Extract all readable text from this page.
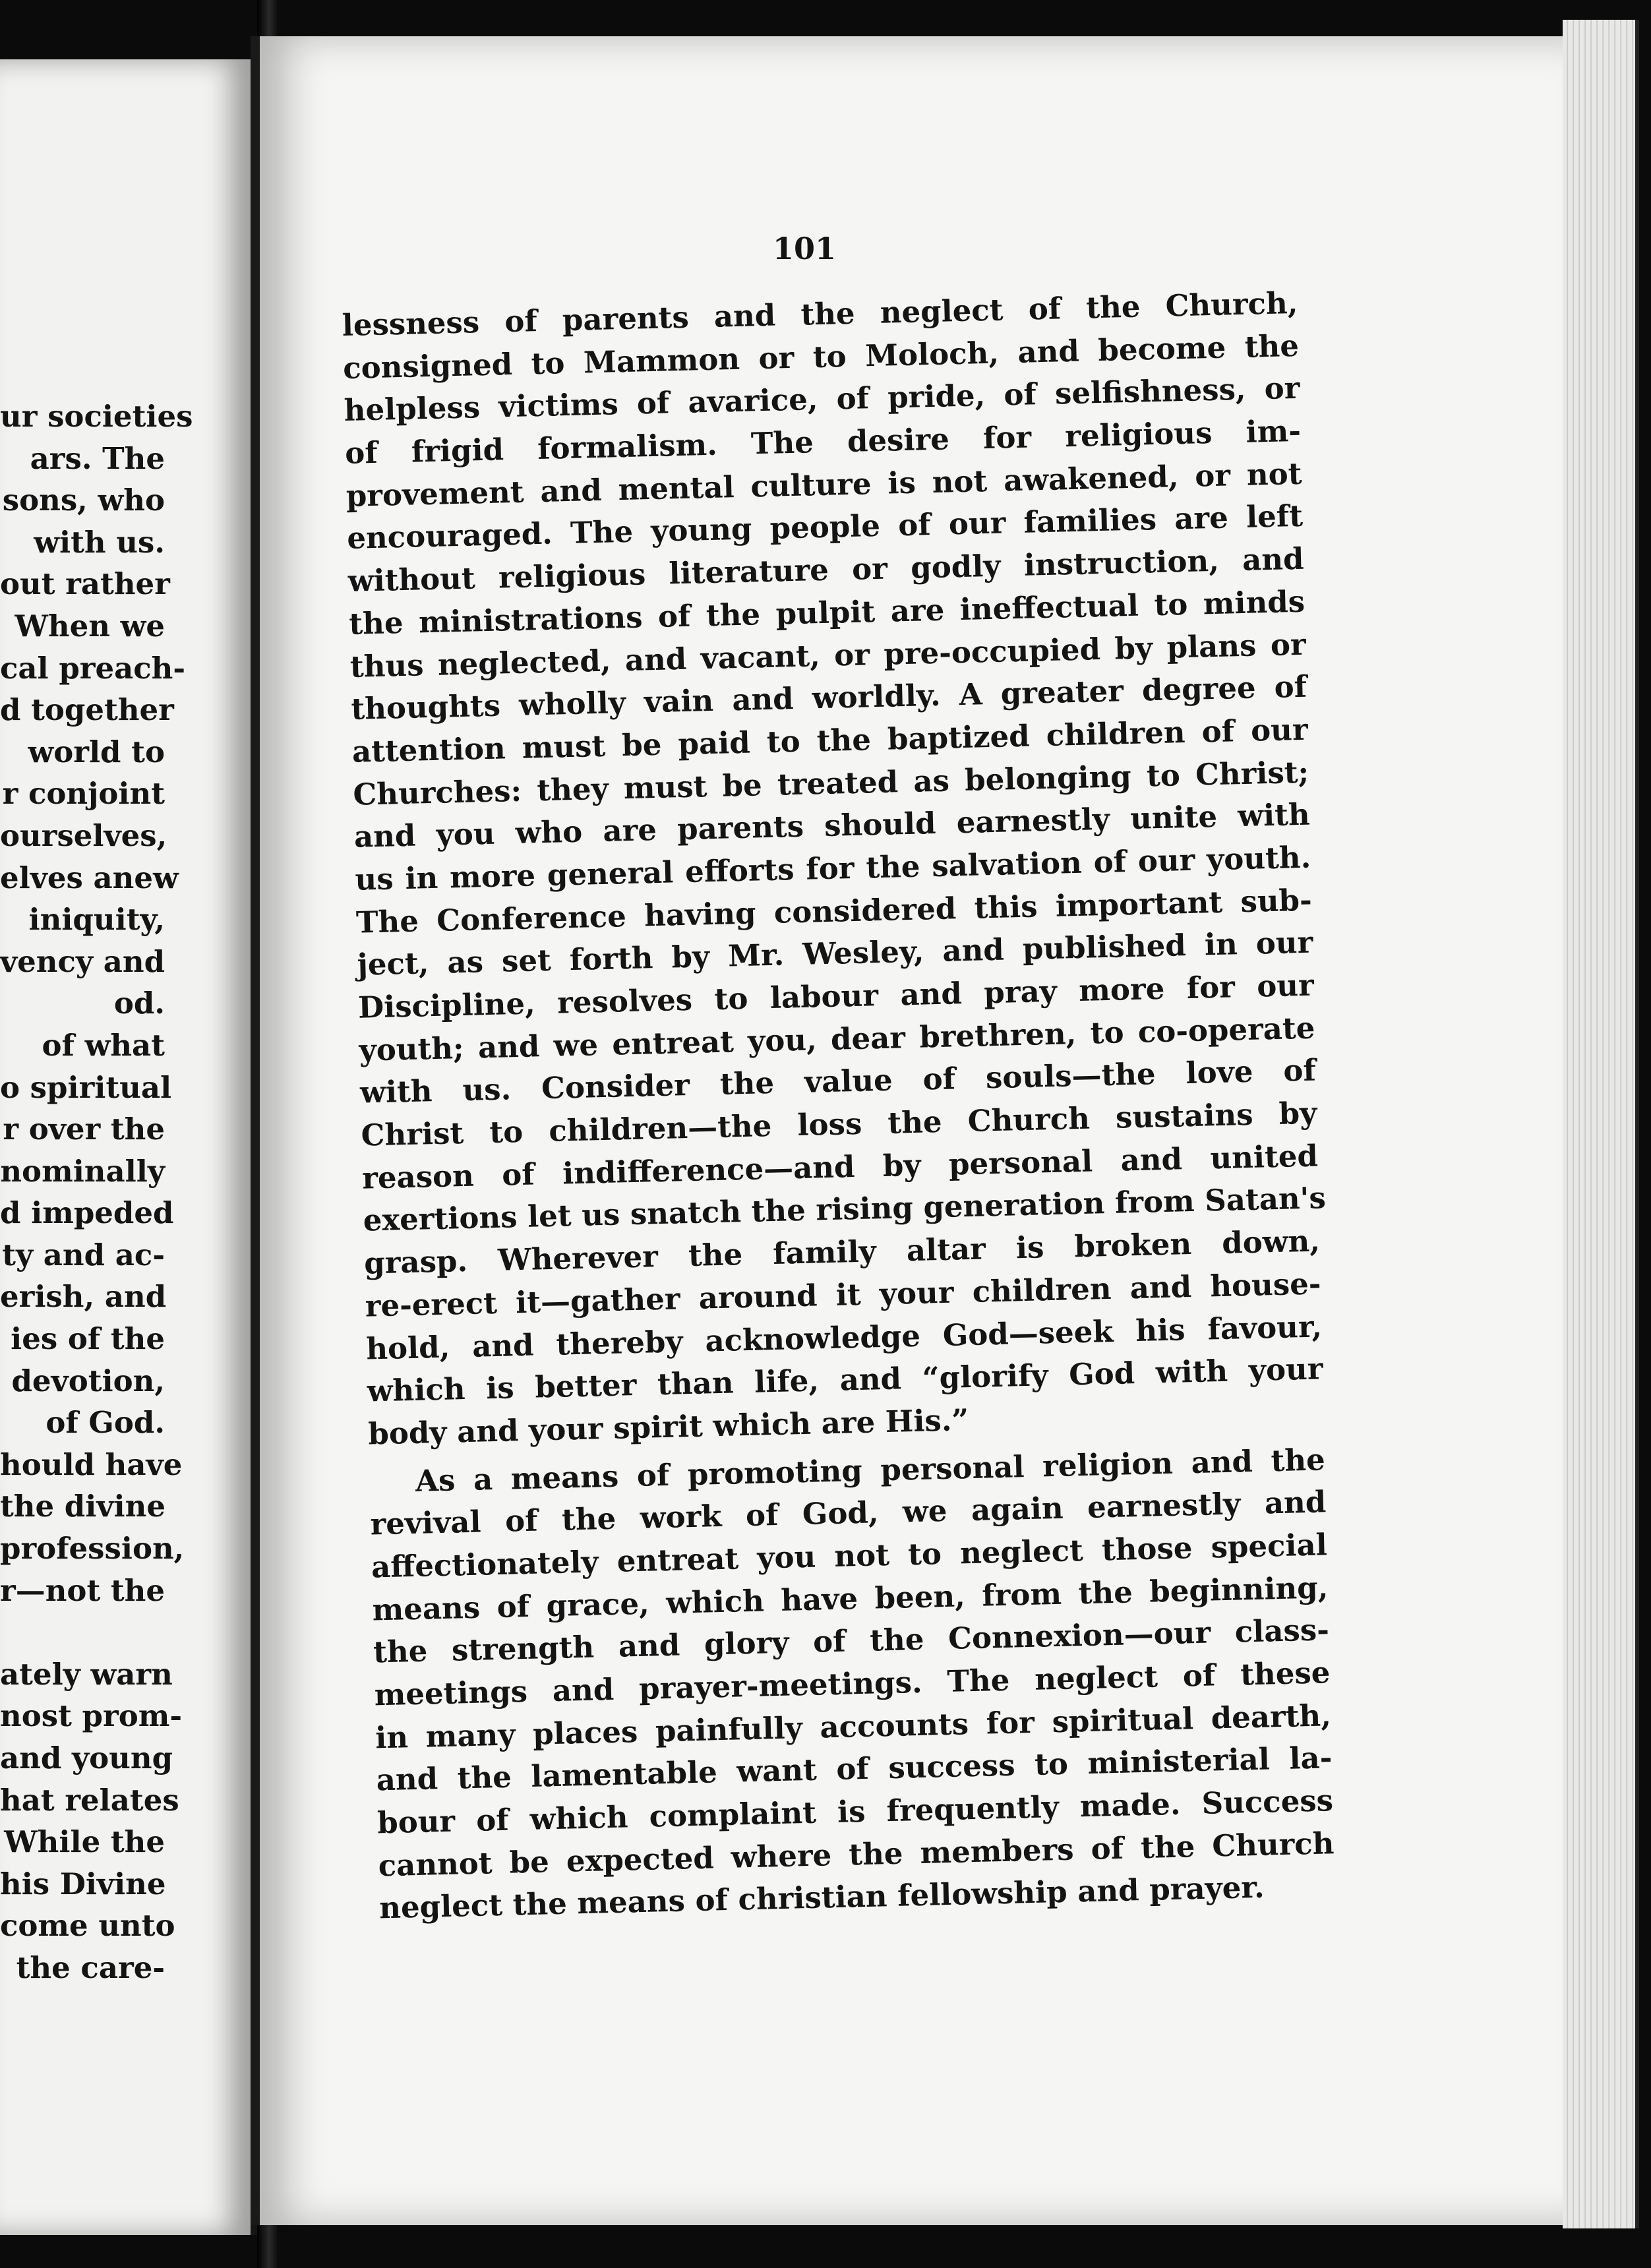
ur societies
ars. The
sons, who
with us.
out rather
When we
cal preach-
d together
world to
r conjoint
ourselves,
elves anew
iniquity,
vency and
od.
of what
o spiritual
r over the
nominally
d impeded
ty and ac-
erish, and
ies of the
devotion,
of God.
hould have
the divine
profession,
r—not the

ately warn
nost prom-
and young
hat relates
While the
his Divine
come unto
the care-
101
lessness of parents and the neglect of the Church,
consigned to Mammon or to Moloch, and become the
helpless victims of avarice, of pride, of selfishness, or
of frigid formalism. The desire for religious im-
provement and mental culture is not awakened, or not
encouraged. The young people of our families are left
without religious literature or godly instruction, and
the ministrations of the pulpit are ineffectual to minds
thus neglected, and vacant, or pre-occupied by plans or
thoughts wholly vain and worldly. A greater degree of
attention must be paid to the baptized children of our
Churches: they must be treated as belonging to Christ;
and you who are parents should earnestly unite with
us in more general efforts for the salvation of our youth.
The Conference having considered this important sub-
ject, as set forth by Mr. Wesley, and published in our
Discipline, resolves to labour and pray more for our
youth; and we entreat you, dear brethren, to co-operate
with us. Consider the value of souls—the love of
Christ to children—the loss the Church sustains by
reason of indifference—and by personal and united
exertions let us snatch the rising generation from Satan's
grasp. Wherever the family altar is broken down,
re-erect it—gather around it your children and house-
hold, and thereby acknowledge God—seek his favour,
which is better than life, and “glorify God with your
body and your spirit which are His.”
As a means of promoting personal religion and the
revival of the work of God, we again earnestly and
affectionately entreat you not to neglect those special
means of grace, which have been, from the beginning,
the strength and glory of the Connexion—our class-
meetings and prayer-meetings. The neglect of these
in many places painfully accounts for spiritual dearth,
and the lamentable want of success to ministerial la-
bour of which complaint is frequently made. Success
cannot be expected where the members of the Church
neglect the means of christian fellowship and prayer.
